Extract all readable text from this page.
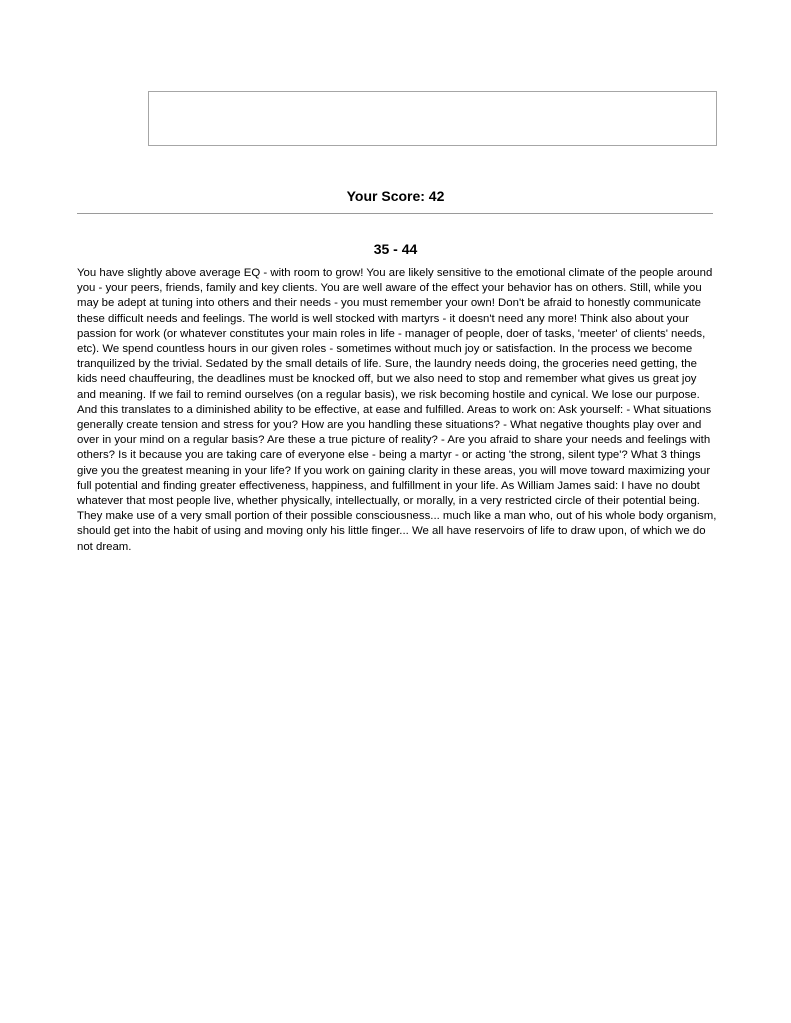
Your Score: 42
35 - 44

You have slightly above average EQ - with room to grow! You are likely sensitive to the emotional climate of the people around you - your peers, friends, family and key clients. You are well aware of the effect your behavior has on others. Still, while you may be adept at tuning into others and their needs - you must remember your own! Don't be afraid to honestly communicate these difficult needs and feelings. The world is well stocked with martyrs - it doesn't need any more! Think also about your passion for work (or whatever constitutes your main roles in life - manager of people, doer of tasks, 'meeter' of clients' needs, etc). We spend countless hours in our given roles - sometimes without much joy or satisfaction. In the process we become tranquilized by the trivial. Sedated by the small details of life. Sure, the laundry needs doing, the groceries need getting, the kids need chauffeuring, the deadlines must be knocked off, but we also need to stop and remember what gives us great joy and meaning. If we fail to remind ourselves (on a regular basis), we risk becoming hostile and cynical. We lose our purpose. And this translates to a diminished ability to be effective, at ease and fulfilled. Areas to work on: Ask yourself: - What situations generally create tension and stress for you? How are you handling these situations? - What negative thoughts play over and over in your mind on a regular basis? Are these a true picture of reality? - Are you afraid to share your needs and feelings with others? Is it because you are taking care of everyone else - being a martyr - or acting 'the strong, silent type'? What 3 things give you the greatest meaning in your life? If you work on gaining clarity in these areas, you will move toward maximizing your full potential and finding greater effectiveness, happiness, and fulfillment in your life. As William James said: I have no doubt whatever that most people live, whether physically, intellectually, or morally, in a very restricted circle of their potential being. They make use of a very small portion of their possible consciousness... much like a man who, out of his whole body organism, should get into the habit of using and moving only his little finger... We all have reservoirs of life to draw upon, of which we do not dream.
